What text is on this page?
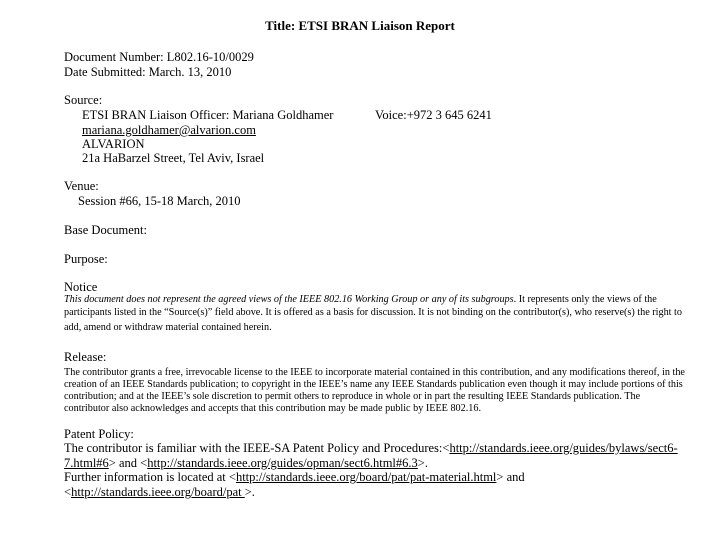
Title: ETSI BRAN Liaison Report
Document Number: L802.16-10/0029
Date Submitted: March. 13, 2010
Source:
ETSI BRAN Liaison Officer: Mariana Goldhamer	Voice:+972 3 645 6241
mariana.goldhamer@alvarion.com
ALVARION
21a HaBarzel Street, Tel Aviv, Israel
Venue:
Session #66, 15-18 March, 2010
Base Document:
Purpose:
Notice
This document does not represent the agreed views of the IEEE 802.16 Working Group or any of its subgroups. It represents only the views of the
participants listed in the “Source(s)” field above. It is offered as a basis for discussion. It is not binding on the contributor(s), who reserve(s) the right to
add, amend or withdraw material contained herein.
Release:
The contributor grants a free, irrevocable license to the IEEE to incorporate material contained in this contribution, and any modifications thereof, in the
creation of an IEEE Standards publication; to copyright in the IEEE’s name any IEEE Standards publication even though it may include portions of this
contribution; and at the IEEE’s sole discretion to permit others to reproduce in whole or in part the resulting IEEE Standards publication. The
contributor also acknowledges and accepts that this contribution may be made public by IEEE 802.16.
Patent Policy:
The contributor is familiar with the IEEE-SA Patent Policy and Procedures:<http://standards.ieee.org/guides/bylaws/sect6-
7.html#6> and <http://standards.ieee.org/guides/opman/sect6.html#6.3>.
Further information is located at <http://standards.ieee.org/board/pat/pat-material.html> and
<http://standards.ieee.org/board/pat >.
